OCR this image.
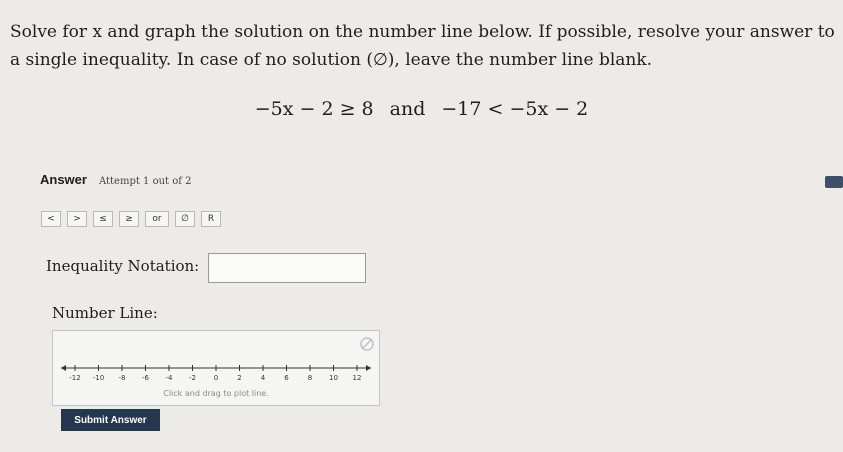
Solve for x and graph the solution on the number line below. If possible, resolve your answer to a single inequality. In case of no solution (∅), leave the number line blank.
−5x − 2 ≥ 8 and −17 < −5x − 2
Answer Attempt 1 out of 2
<	>	≤	≥	or	∅	R
Inequality Notation:
Number Line:
-12 -10 -8 -6 -4 -2	0	2	4	6	8 10 12
Click and drag to plot line.
Submit Answer
